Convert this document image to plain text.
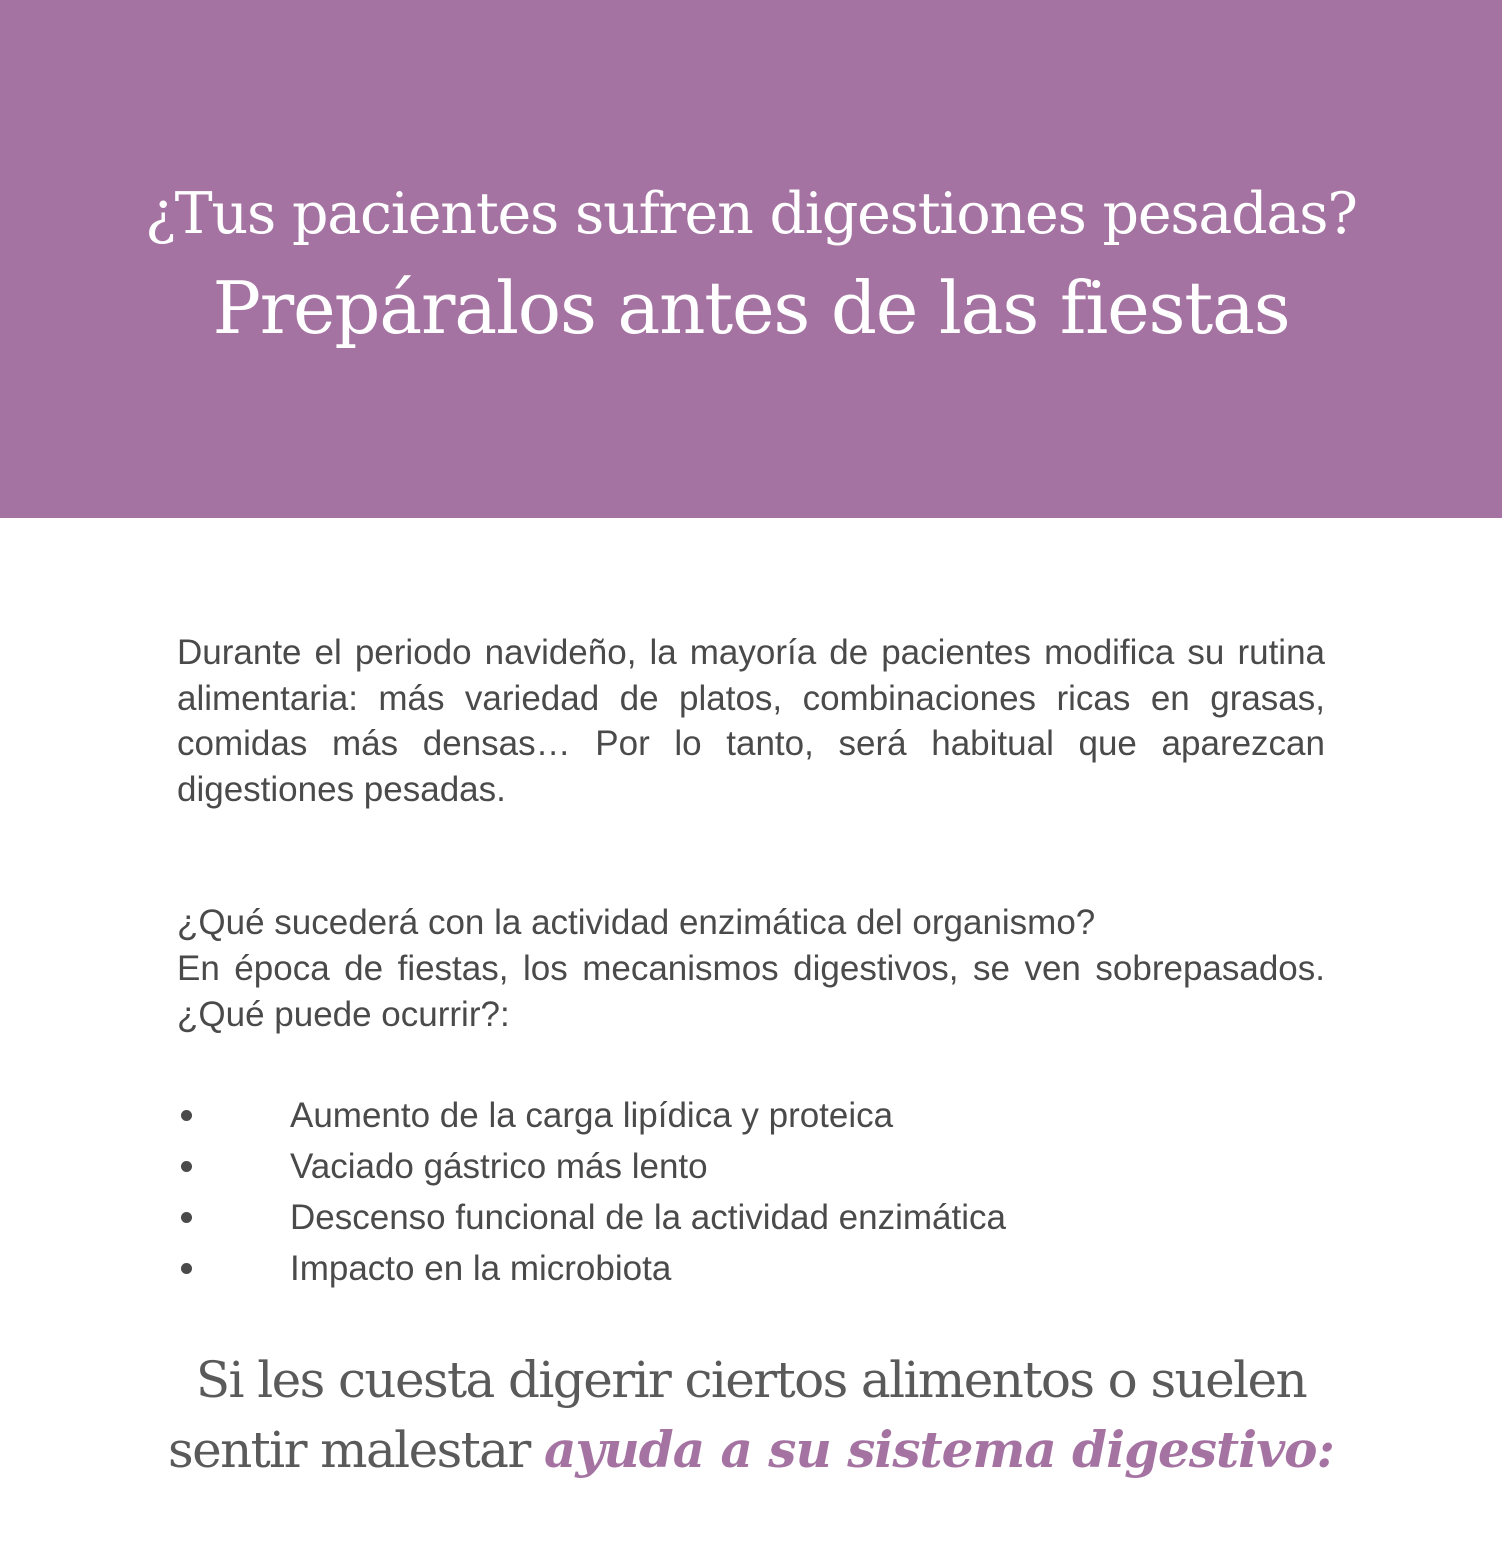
¿Tus pacientes sufren digestiones pesadas?
Prepáralos antes de las fiestas

Durante el periodo navideño, la mayoría de pacientes modifica su rutina alimentaria: más variedad de platos, combinaciones ricas en grasas, comidas más densas… Por lo tanto, será habitual que aparezcan digestiones pesadas.

¿Qué sucederá con la actividad enzimática del organismo?

En época de fiestas, los mecanismos digestivos, se ven sobrepasados. ¿Qué puede ocurrir?:

Aumento de la carga lipídica y proteica
Vaciado gástrico más lento
Descenso funcional de la actividad enzimática
Impacto en la microbiota

Si les cuesta digerir ciertos alimentos o suelen
sentir malestar ayuda a su sistema digestivo:
